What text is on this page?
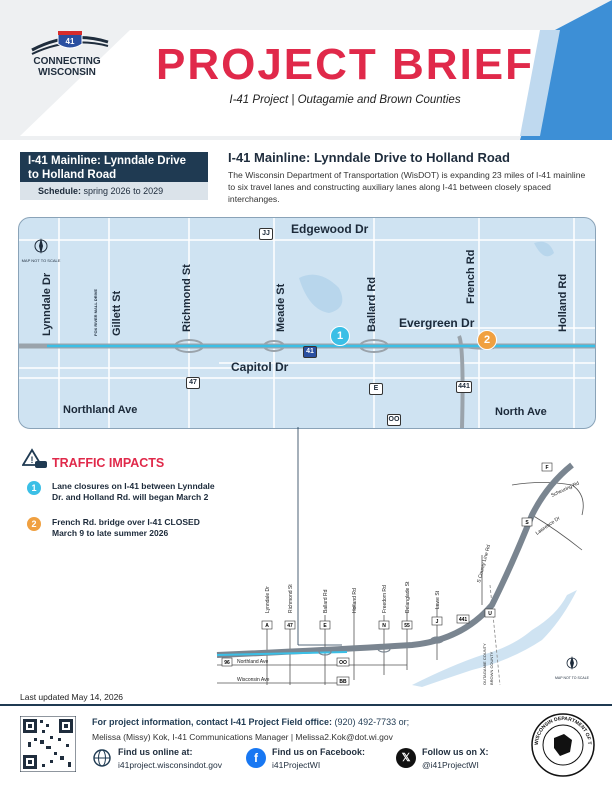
41
CONNECTING WISCONSIN	PROJECT BRIEF
I-41 Project | Outagamie and Brown Counties
I-41 Mainline: Lynndale Drive to Holland Road
Schedule: spring 2026 to 2029
I-41 Mainline: Lynndale Drive to Holland Road
The Wisconsin Department of Transportation (WisDOT) is expanding 23 miles of I-41 mainline to six travel lanes and constructing auxiliary lanes along I-41 between closely spaced interchanges.
MAP NOT TO SCALE
Edgewood Dr
Lynndale Dr	Gillett St
FOX RIVER MALL DRIVE	Richmond St	Meade St	Ballard Rd
French Rd	Holland Rd
Evergreen Dr
Capitol Dr
Northland Ave	North Ave
JJ
47
E
OO
441
41
1	2
! TRAFFIC IMPACTS
1	Lane closures on I-41 between Lynndale Dr. and Holland Rd. will began March 2
2	French Rd. bridge over I-41 CLOSED March 9 to late summer 2026
A	47	E	N	55
J
U
F
S
96	OO
441
BB
Lynndale Dr	Richmond St	Ballard Rd	Holland Rd	Freedom Rd	Delanglade St	Lawe St
S County Line Rd
Scheuring Rd
Lawrence Dr
Northland Ave
Wisconsin Ave	OUTAGAMIE COUNTY BROWN COUNTY	MAP NOT TO SCALE
Last updated May 14, 2026
For project information, contact I-41 Project Field office: (920) 492-7733 or;
Melissa (Missy) Kok, I-41 Communications Manager | Melissa2.Kok@dot.wi.gov
Find us online at:
i41project.wisconsindot.gov	f	Find us on Facebook:
i41ProjectWI
𝕏	Follow us on X:
@i41ProjectWI
WISCONSIN DEPARTMENT OF T
